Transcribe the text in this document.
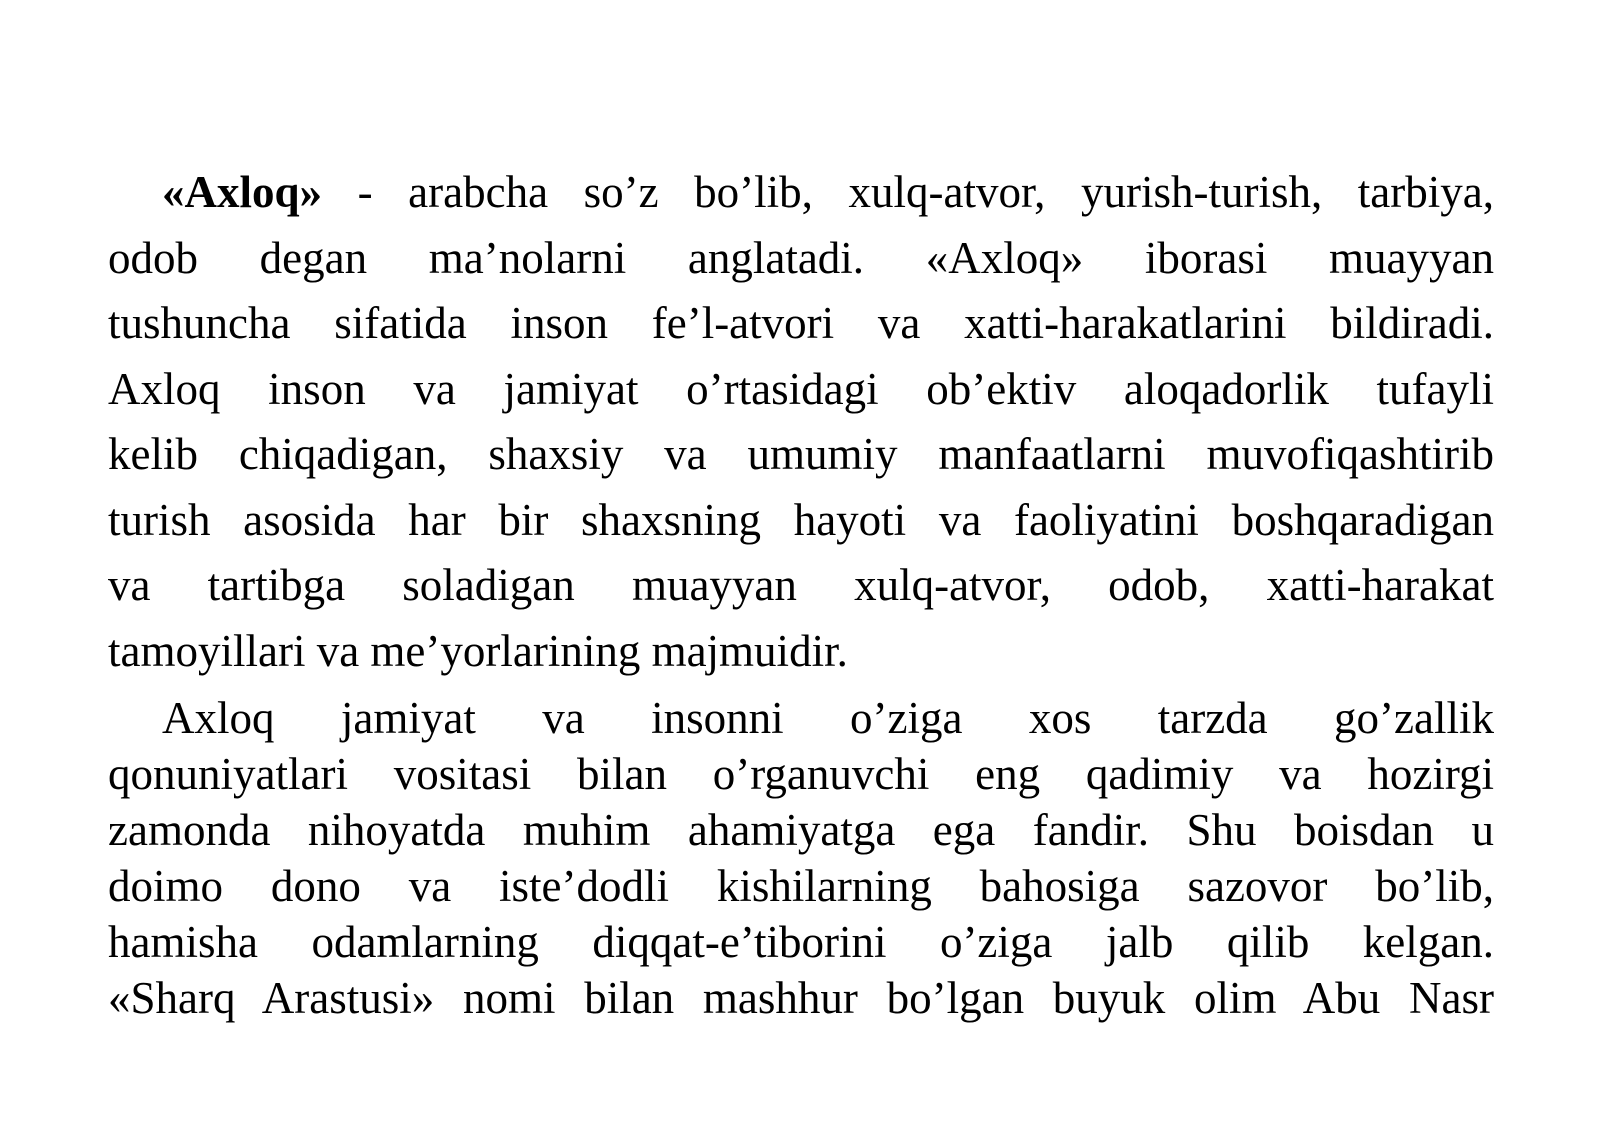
«Axloq» - arabcha so’z bo’lib, xulq-atvor, yurish-turish, tarbiya,
odob degan ma’nolarni anglatadi. «Axloq» iborasi muayyan
tushuncha sifatida inson fe’l-atvori va xatti-harakatlarini bildiradi.
Axloq inson va jamiyat o’rtasidagi ob’ektiv aloqadorlik tufayli
kelib chiqadigan, shaxsiy va umumiy manfaatlarni muvofiqashtirib
turish asosida har bir shaxsning hayoti va faoliyatini boshqaradigan
va tartibga soladigan muayyan xulq-atvor, odob, xatti-harakat
tamoyillari va me’yorlarining majmuidir.
Axloq jamiyat va insonni o’ziga xos tarzda go’zallik
qonuniyatlari vositasi bilan o’rganuvchi eng qadimiy va hozirgi
zamonda nihoyatda muhim ahamiyatga ega fandir. Shu boisdan u
doimo dono va iste’dodli kishilarning bahosiga sazovor bo’lib,
hamisha odamlarning diqqat-e’tiborini o’ziga jalb qilib kelgan.
«Sharq Arastusi» nomi bilan mashhur bo’lgan buyuk olim Abu Nasr
